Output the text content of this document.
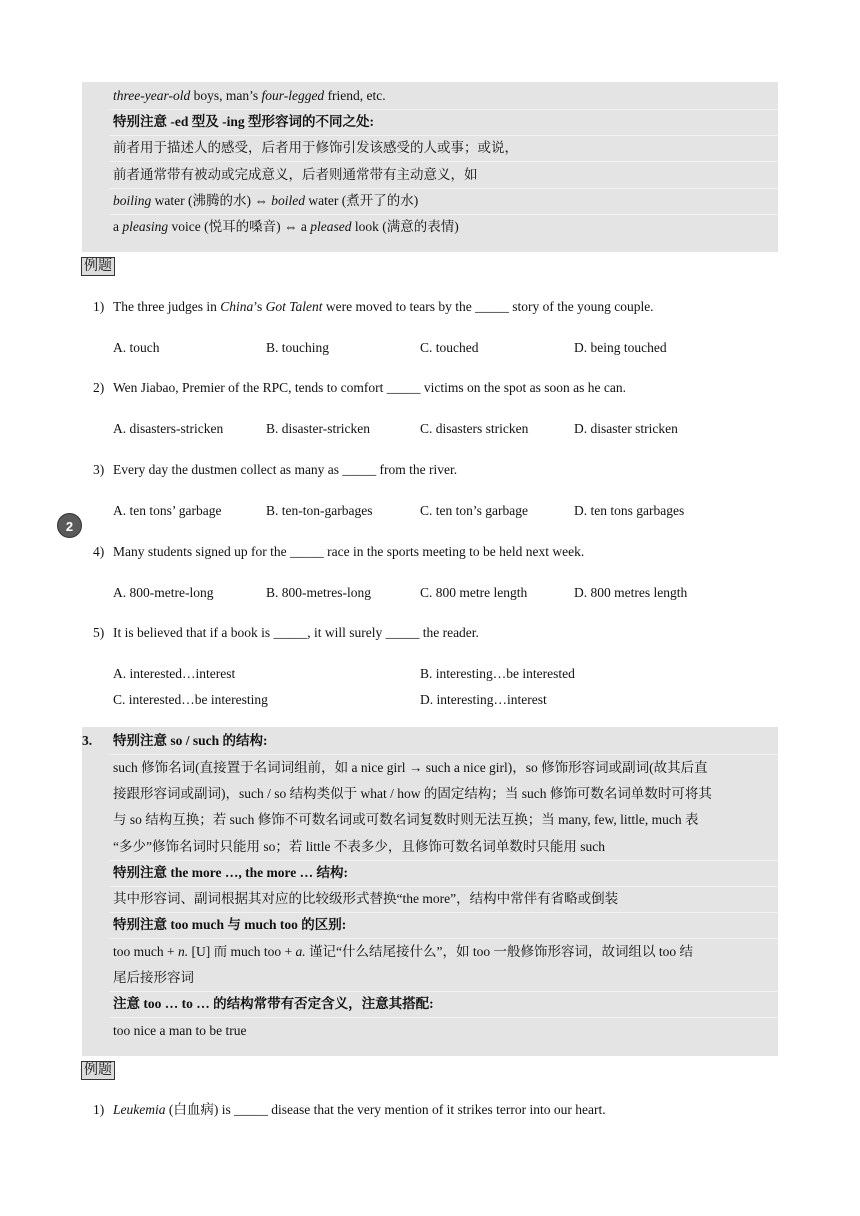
three-year-old boys, man’s four-legged friend, etc.
特别注意 -ed 型及 -ing 型形容词的不同之处:
前者用于描述人的感受，后者用于修饰引发该感受的人或事；或说，
前者通常带有被动或完成意义，后者则通常带有主动意义，如
boiling water (沸腾的水) ⇔ boiled water (煮开了的水)
a pleasing voice (悦耳的嗓音) ⇔ a pleased look (满意的表情)
例题
1) The three judges in China’s Got Talent were moved to tears by the _____ story of the young couple.
A. touch	B. touching	C. touched	D. being touched
2) Wen Jiabao, Premier of the RPC, tends to comfort _____ victims on the spot as soon as he can.
A. disasters-stricken	B. disaster-stricken	C. disasters stricken	D. disaster stricken
3) Every day the dustmen collect as many as _____ from the river.
A. ten tons’ garbage	B. ten-ton-garbages	C. ten ton’s garbage	D. ten tons garbages
2
4) Many students signed up for the _____ race in the sports meeting to be held next week.
A. 800-metre-long	B. 800-metres-long	C. 800 metre length	D. 800 metres length
5) It is believed that if a book is _____, it will surely _____ the reader.
A. interested…interest	B. interesting…be interested
C. interested…be interesting	D. interesting…interest
3. 特别注意 so / such 的结构:
such 修饰名词(直接置于名词词组前，如 a nice girl → such a nice girl)，so 修饰形容词或副词(故其后直
接跟形容词或副词)，such / so 结构类似于 what / how 的固定结构；当 such 修饰可数名词单数时可将其
与 so 结构互换；若 such 修饰不可数名词或可数名词复数时则无法互换；当 many, few, little, much 表
“多少”修饰名词时只能用 so；若 little 不表多少，且修饰可数名词单数时只能用 such
特别注意 the more …, the more … 结构:
其中形容词、副词根据其对应的比较级形式替换“the more”，结构中常伴有省略或倒装
特别注意 too much 与 much too 的区别:
too much + n. [U] 而 much too + a. 谨记“什么结尾接什么”，如 too 一般修饰形容词，故词组以 too 结
尾后接形容词
注意 too … to … 的结构常带有否定含义，注意其搭配:
too nice a man to be true
例题
1) Leukemia (白血病) is _____ disease that the very mention of it strikes terror into our heart.
